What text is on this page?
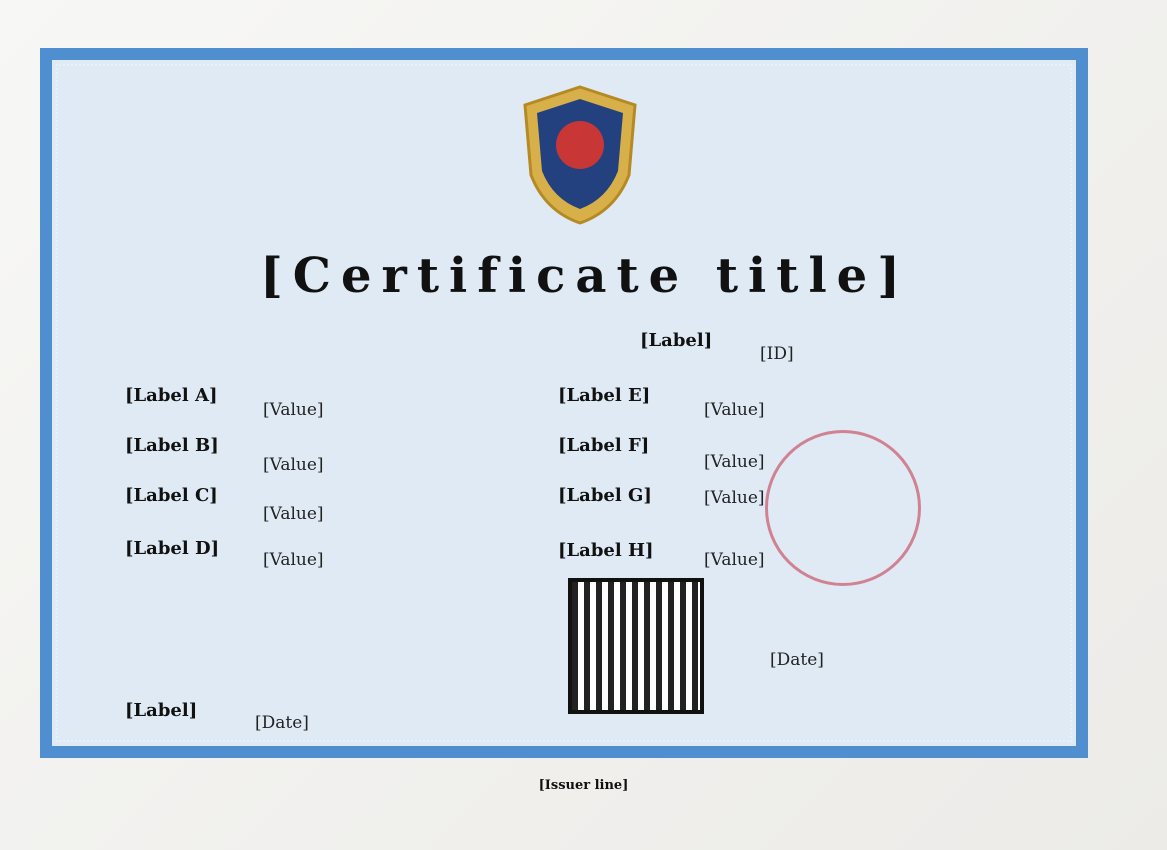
[Certificate title]
[Label]
[ID]
[Label A]
[Value]
[Label B]
[Value]
[Label C]
[Value]
[Label D]
[Value]
[Label E]
[Value]
[Label F]
[Value]
[Label G]	[Value]
[Label H]	[Value]
[Date]
[Label]
[Date]
[Issuer line]
